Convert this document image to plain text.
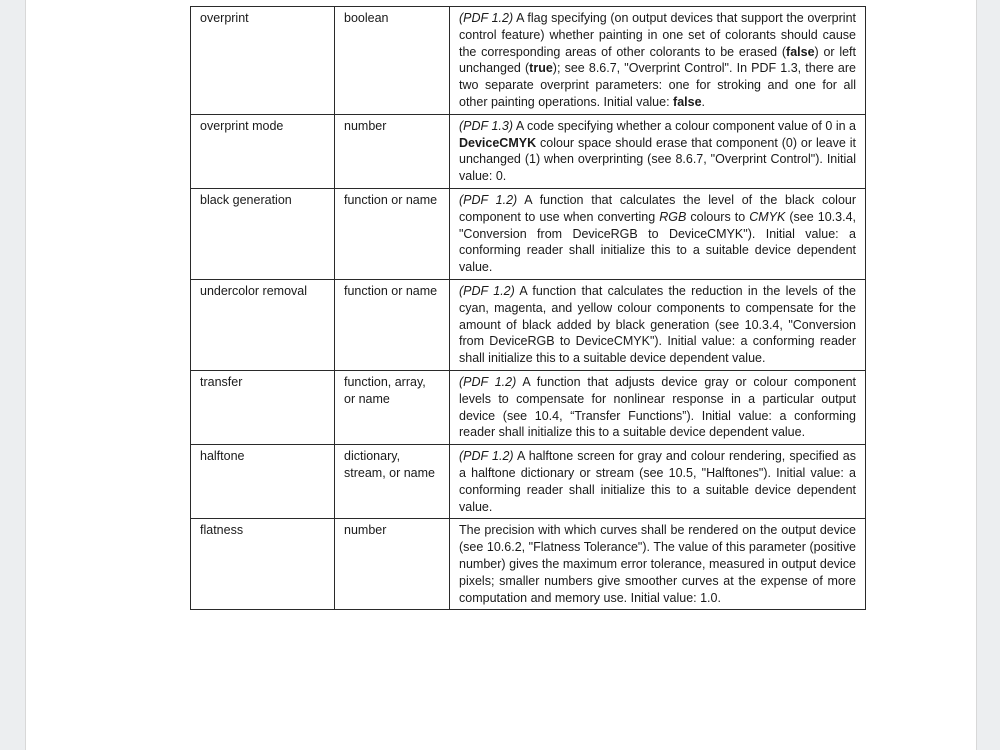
overprint	boolean	(PDF 1.2) A flag specifying (on output devices that support the overprint control feature) whether painting in one set of colorants should cause the corresponding areas of other colorants to be erased (false) or left unchanged (true); see 8.6.7, "Overprint Control". In PDF 1.3, there are two separate overprint parameters: one for stroking and one for all other painting operations. Initial value: false.
overprint mode	number	(PDF 1.3) A code specifying whether a colour component value of 0 in a DeviceCMYK colour space should erase that component (0) or leave it unchanged (1) when overprinting (see 8.6.7, "Overprint Control"). Initial value: 0.
black generation	function or name	(PDF 1.2) A function that calculates the level of the black colour component to use when converting RGB colours to CMYK (see 10.3.4, "Conversion from DeviceRGB to DeviceCMYK"). Initial value: a conforming reader shall initialize this to a suitable device dependent value.
undercolor removal	function or name	(PDF 1.2) A function that calculates the reduction in the levels of the cyan, magenta, and yellow colour components to compensate for the amount of black added by black generation (see 10.3.4, "Conversion from DeviceRGB to DeviceCMYK"). Initial value: a conforming reader shall initialize this to a suitable device dependent value.
transfer	function, array, or name	(PDF 1.2) A function that adjusts device gray or colour component levels to compensate for nonlinear response in a particular output device (see 10.4, “Transfer Functions”). Initial value: a conforming reader shall initialize this to a suitable device dependent value.
halftone	dictionary, stream, or name	(PDF 1.2) A halftone screen for gray and colour rendering, specified as a halftone dictionary or stream (see 10.5, "Halftones"). Initial value: a conforming reader shall initialize this to a suitable device dependent value.
flatness	number	The precision with which curves shall be rendered on the output device (see 10.6.2, "Flatness Tolerance"). The value of this parameter (positive number) gives the maximum error tolerance, measured in output device pixels; smaller numbers give smoother curves at the expense of more computation and memory use. Initial value: 1.0.
